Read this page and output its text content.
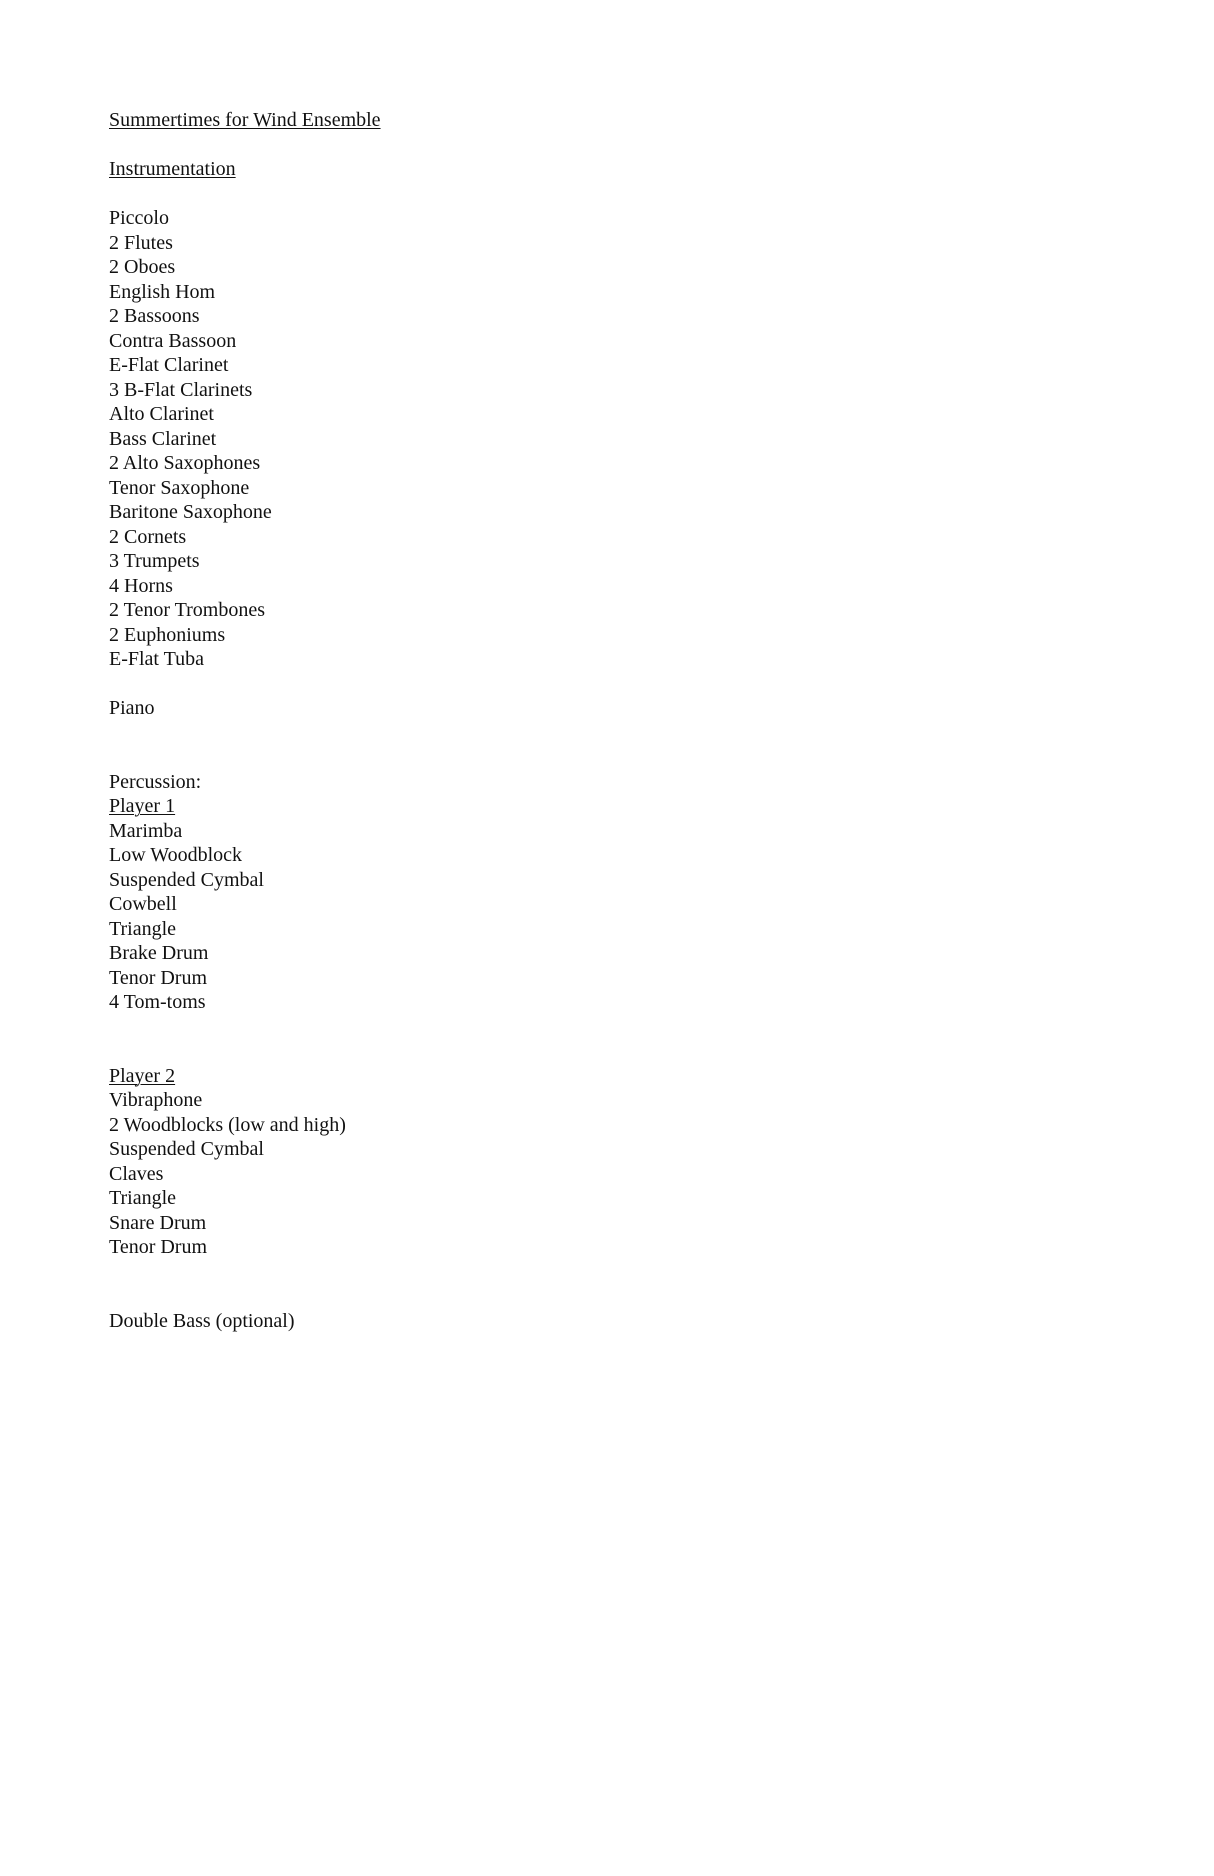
Summertimes for Wind Ensemble
Instrumentation
Piccolo
2 Flutes
2 Oboes
English Hom
2 Bassoons
Contra Bassoon
E-Flat Clarinet
3 B-Flat Clarinets
Alto Clarinet
Bass Clarinet
2 Alto Saxophones
Tenor Saxophone
Baritone Saxophone
2 Cornets
3 Trumpets
4 Horns
2 Tenor Trombones
2 Euphoniums
E-Flat Tuba
Piano
Percussion:
Player 1
Marimba
Low Woodblock
Suspended Cymbal
Cowbell
Triangle
Brake Drum
Tenor Drum
4 Tom-toms
Player 2
Vibraphone
2 Woodblocks (low and high)
Suspended Cymbal
Claves
Triangle
Snare Drum
Tenor Drum
Double Bass (optional)
